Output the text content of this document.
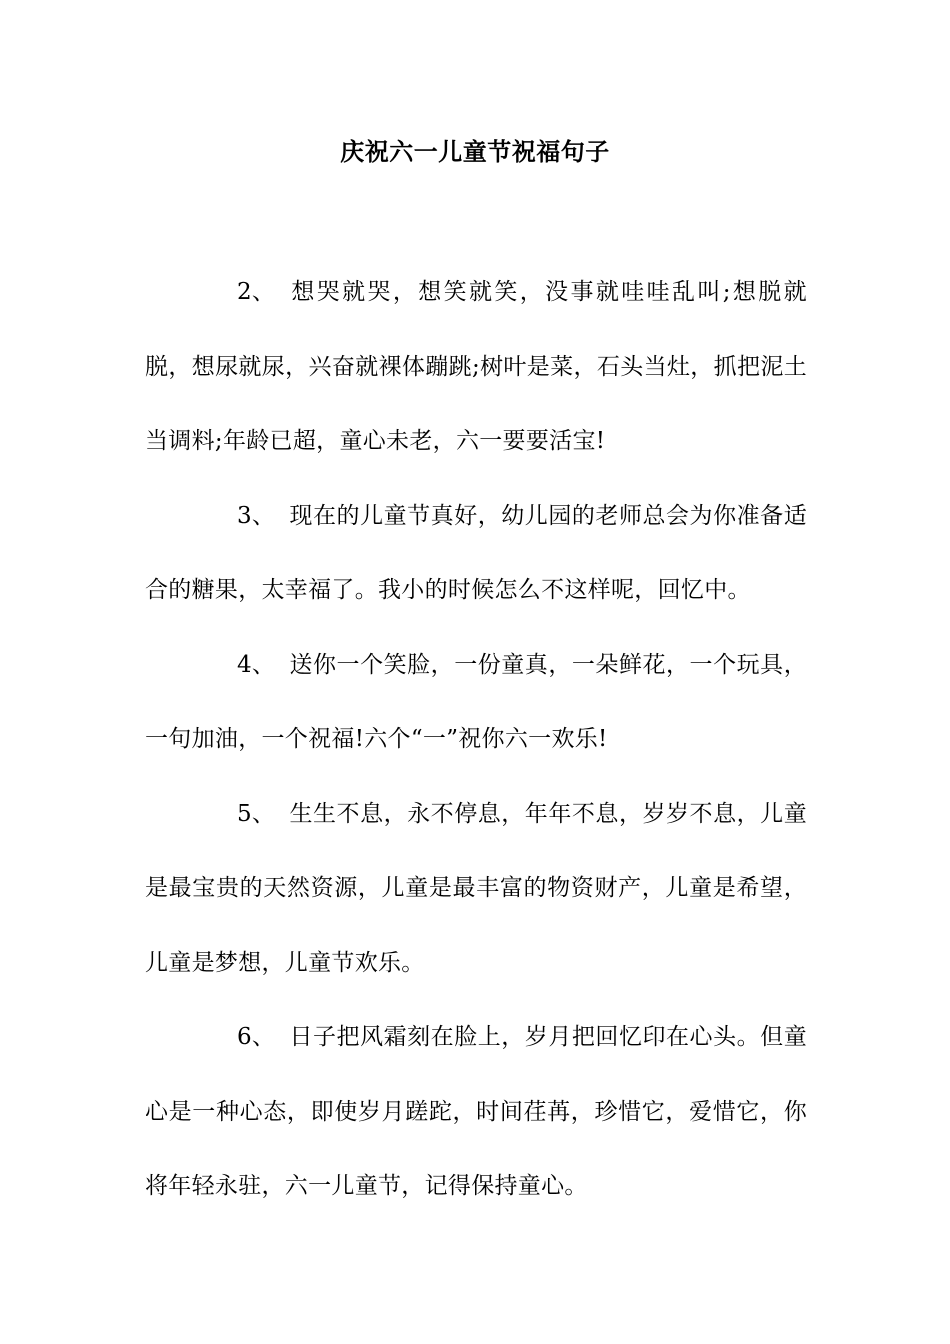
庆祝六一儿童节祝福句子

2、 想哭就哭，想笑就笑，没事就哇哇乱叫;想脱就脱，想尿就尿，兴奋就裸体蹦跳;树叶是菜，石头当灶，抓把泥土当调料;年龄已超，童心未老，六一要要活宝!

3、 现在的儿童节真好，幼儿园的老师总会为你准备适合的糖果，太幸福了。我小的时候怎么不这样呢，回忆中。

4、 送你一个笑脸，一份童真，一朵鲜花，一个玩具，一句加油，一个祝福!六个“一”祝你六一欢乐!

5、 生生不息，永不停息，年年不息，岁岁不息，儿童是最宝贵的天然资源，儿童是最丰富的物资财产，儿童是希望，儿童是梦想，儿童节欢乐。

6、 日子把风霜刻在脸上，岁月把回忆印在心头。但童心是一种心态，即使岁月蹉跎，时间荏苒，珍惜它，爱惜它，你将年轻永驻，六一儿童节，记得保持童心。
